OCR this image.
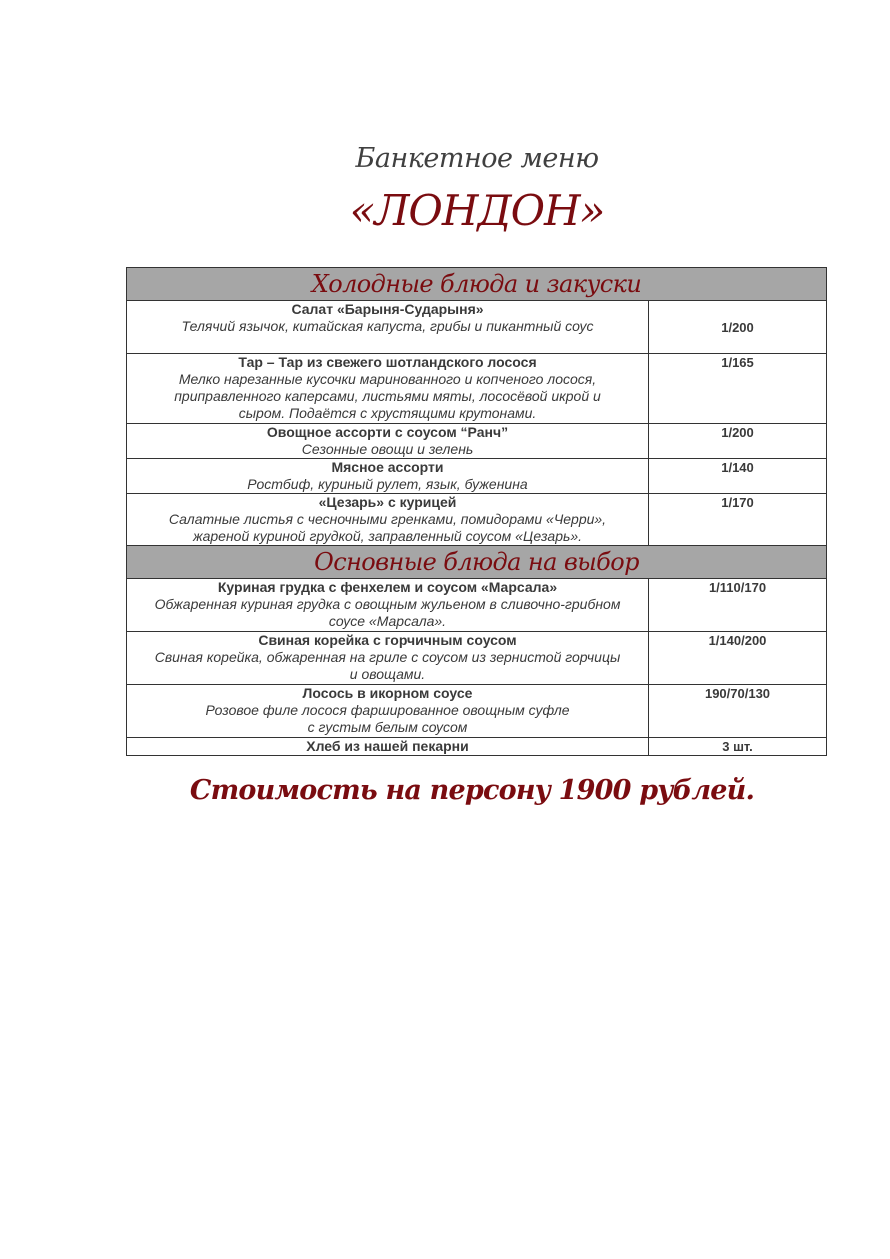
Банкетное меню
«ЛОНДОН»
Холодные блюда и закуски	

Салат «Барыня-Сударыня»
Телячий язычок, китайская капуста, грибы и пикантный соус	1/200

Тар – Тар из свежего шотландского лосося
Мелко нарезанные кусочки маринованного и копченого лосося,
приправленного каперсами, листьями мяты, лососёвой икрой и
сыром. Подаётся с хрустящими крутонами.	1/165

Овощное ассорти с соусом “Ранч”
Сезонные овощи и зелень	1/200

Мясное ассорти
Ростбиф, куриный рулет, язык, буженина	1/140

«Цезарь» с курицей
Салатные листья с чесночными гренками, помидорами «Черри»,
жареной куриной грудкой, заправленный соусом «Цезарь».	1/170

Основные блюда на выбор	

Куриная грудка с фенхелем и соусом «Марсала»
Обжаренная куриная грудка с овощным жульеном в сливочно-грибном
соусе «Марсала».	1/110/170

Свиная корейка с горчичным соусом
Свиная корейка, обжаренная на гриле с соусом из зернистой горчицы
и овощами.	1/140/200

Лосось в икорном соусе
Розовое филе лосося фаршированное овощным суфле
с густым белым соусом	190/70/130

Хлеб из нашей пекарни	3 шт.
Стоимость на персону 1900 рублей.
